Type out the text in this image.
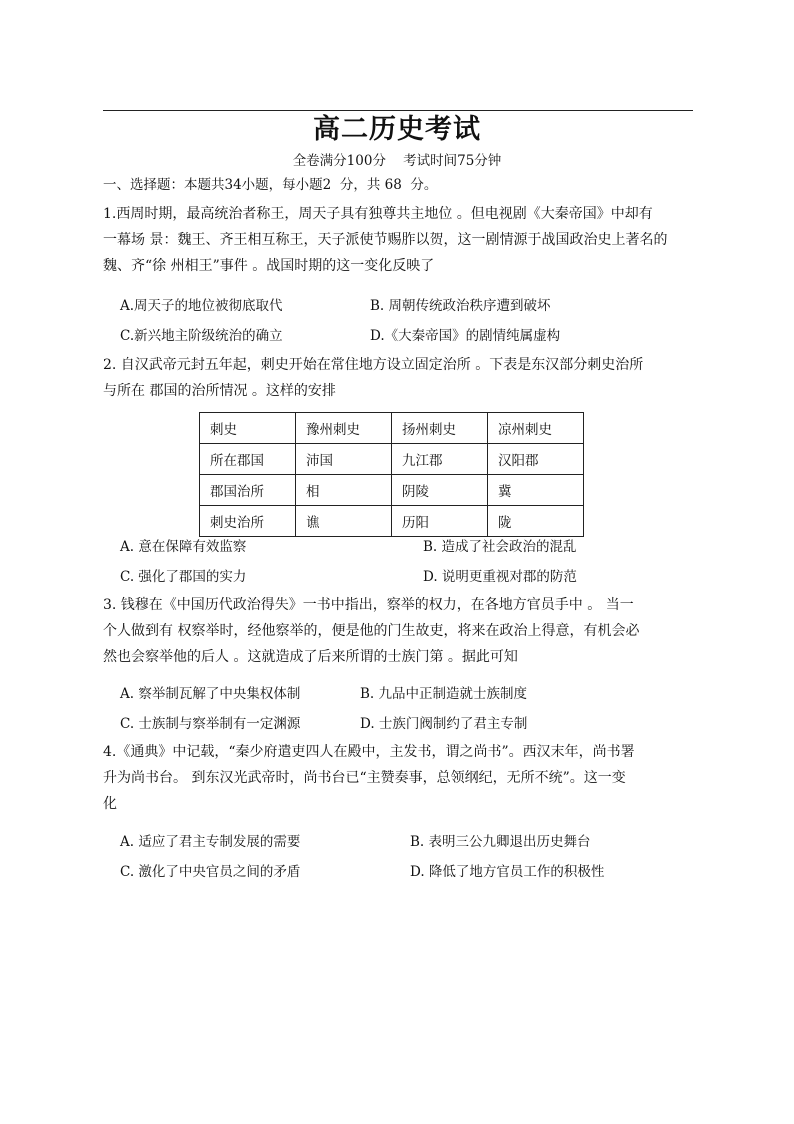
高二历史考试
全卷满分100分    考试时间75分钟
一、选择题：本题共34小题，每小题2  分，共 68  分。
1.西周时期，最高统治者称王，周天子具有独尊共主地位 。但电视剧《大秦帝国》中却有
一幕场 景：魏王、齐王相互称王，天子派使节赐胙以贺，这一剧情源于战国政治史上著名的
魏、齐“徐 州相王”事件 。战国时期的这一变化反映了
A.周天子的地位被彻底取代	B. 周朝传统政治秩序遭到破坏
C.新兴地主阶级统治的确立	D.《大秦帝国》的剧情纯属虚构
2. 自汉武帝元封五年起，刺史开始在常住地方设立固定治所 。下表是东汉部分刺史治所
与所在 郡国的治所情况 。这样的安排
刺史	豫州刺史	扬州刺史	凉州刺史
所在郡国	沛国	九江郡	汉阳郡
郡国治所	相	阴陵	冀
刺史治所	谯	历阳	陇
A. 意在保障有效监察	B. 造成了社会政治的混乱
C. 强化了郡国的实力	D. 说明更重视对郡的防范
3. 钱穆在《中国历代政治得失》一书中指出，察举的权力，在各地方官员手中 。 当一
个人做到有 权察举时，经他察举的，便是他的门生故吏，将来在政治上得意，有机会必
然也会察举他的后人 。这就造成了后来所谓的士族门第 。据此可知
A. 察举制瓦解了中央集权体制	B. 九品中正制造就士族制度
C. 士族制与察举制有一定渊源	D. 士族门阀制约了君主专制
4.《通典》中记载，“秦少府遣吏四人在殿中，主发书，谓之尚书”。西汉末年，尚书署
升为尚书台。 到东汉光武帝时，尚书台已“主赞奏事，总领纲纪，无所不统”。这一变
化
A. 适应了君主专制发展的需要	B. 表明三公九卿退出历史舞台
C. 激化了中央官员之间的矛盾	D. 降低了地方官员工作的积极性
